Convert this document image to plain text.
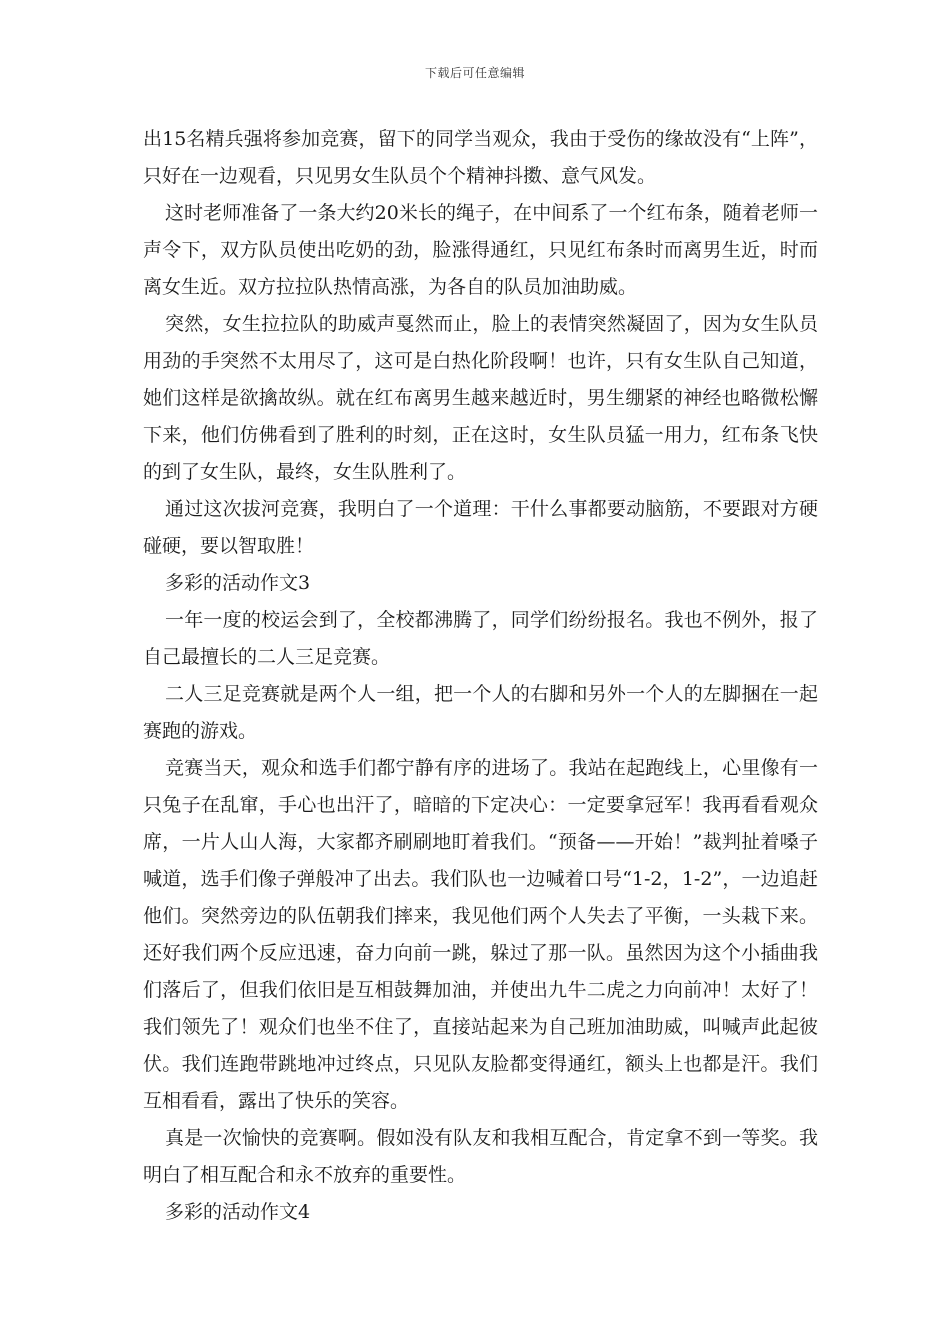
下载后可任意编辑

出15名精兵强将参加竞赛，留下的同学当观众，我由于受伤的缘故没有“上阵”，只好在一边观看，只见男女生队员个个精神抖擞、意气风发。

这时老师准备了一条大约20米长的绳子，在中间系了一个红布条，随着老师一声令下，双方队员使出吃奶的劲，脸涨得通红，只见红布条时而离男生近，时而离女生近。双方拉拉队热情高涨，为各自的队员加油助威。

突然，女生拉拉队的助威声戛然而止，脸上的表情突然凝固了，因为女生队员用劲的手突然不太用尽了，这可是白热化阶段啊！也许，只有女生队自己知道，她们这样是欲擒故纵。就在红布离男生越来越近时，男生绷紧的神经也略微松懈下来，他们仿佛看到了胜利的时刻，正在这时，女生队员猛一用力，红布条飞快的到了女生队，最终，女生队胜利了。

通过这次拔河竞赛，我明白了一个道理：干什么事都要动脑筋，不要跟对方硬碰硬，要以智取胜！

多彩的活动作文3

一年一度的校运会到了，全校都沸腾了，同学们纷纷报名。我也不例外，报了自己最擅长的二人三足竞赛。

二人三足竞赛就是两个人一组，把一个人的右脚和另外一个人的左脚捆在一起赛跑的游戏。

竞赛当天，观众和选手们都宁静有序的进场了。我站在起跑线上，心里像有一只兔子在乱窜，手心也出汗了，暗暗的下定决心：一定要拿冠军！我再看看观众席，一片人山人海，大家都齐刷刷地盯着我们。“预备——开始！”裁判扯着嗓子喊道，选手们像子弹般冲了出去。我们队也一边喊着口号“1-2，1-2”，一边追赶他们。突然旁边的队伍朝我们摔来，我见他们两个人失去了平衡，一头栽下来。还好我们两个反应迅速，奋力向前一跳，躲过了那一队。虽然因为这个小插曲我们落后了，但我们依旧是互相鼓舞加油，并使出九牛二虎之力向前冲！太好了！我们领先了！观众们也坐不住了，直接站起来为自己班加油助威，叫喊声此起彼伏。我们连跑带跳地冲过终点，只见队友脸都变得通红，额头上也都是汗。我们互相看看，露出了快乐的笑容。

真是一次愉快的竞赛啊。假如没有队友和我相互配合，肯定拿不到一等奖。我明白了相互配合和永不放弃的重要性。

多彩的活动作文4
